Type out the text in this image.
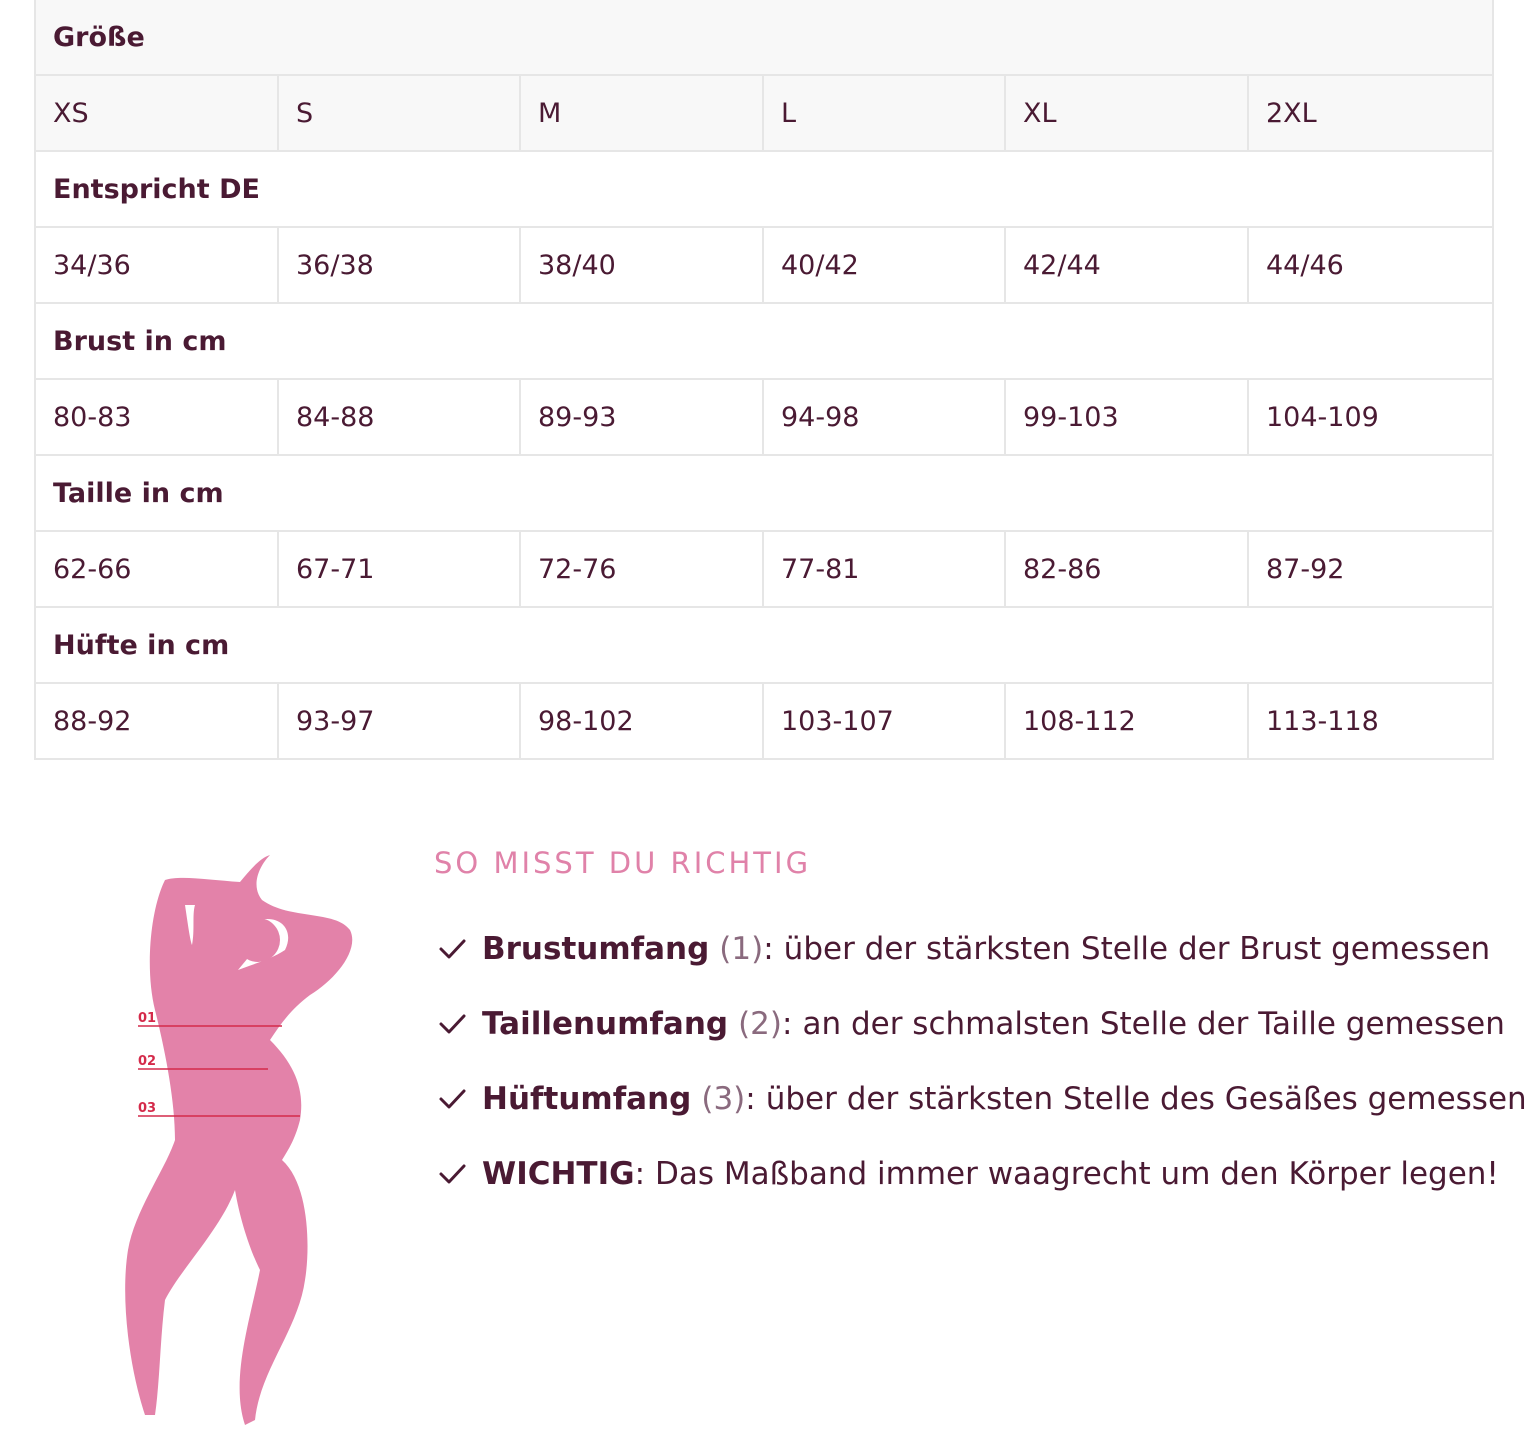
Größe					
XS	S	M	L	XL	2XL
Entspricht DE					
34/36	36/38	38/40	40/42	42/44	44/46
Brust in cm					
80-83	84-88	89-93	94-98	99-103	104-109
Taille in cm					
62-66	67-71	72-76	77-81	82-86	87-92
Hüfte in cm					
88-92	93-97	98-102	103-107	108-112	113-118
01
02
03
SO MISST DU RICHTIG
Brustumfang (1) : über der stärksten Stelle der Brust gemessen
Taillenumfang (2) : an der schmalsten Stelle der Taille gemessen
Hüftumfang (3) : über der stärksten Stelle des Gesäßes gemessen
WICHTIG : Das Maßband immer waagrecht um den Körper legen!
